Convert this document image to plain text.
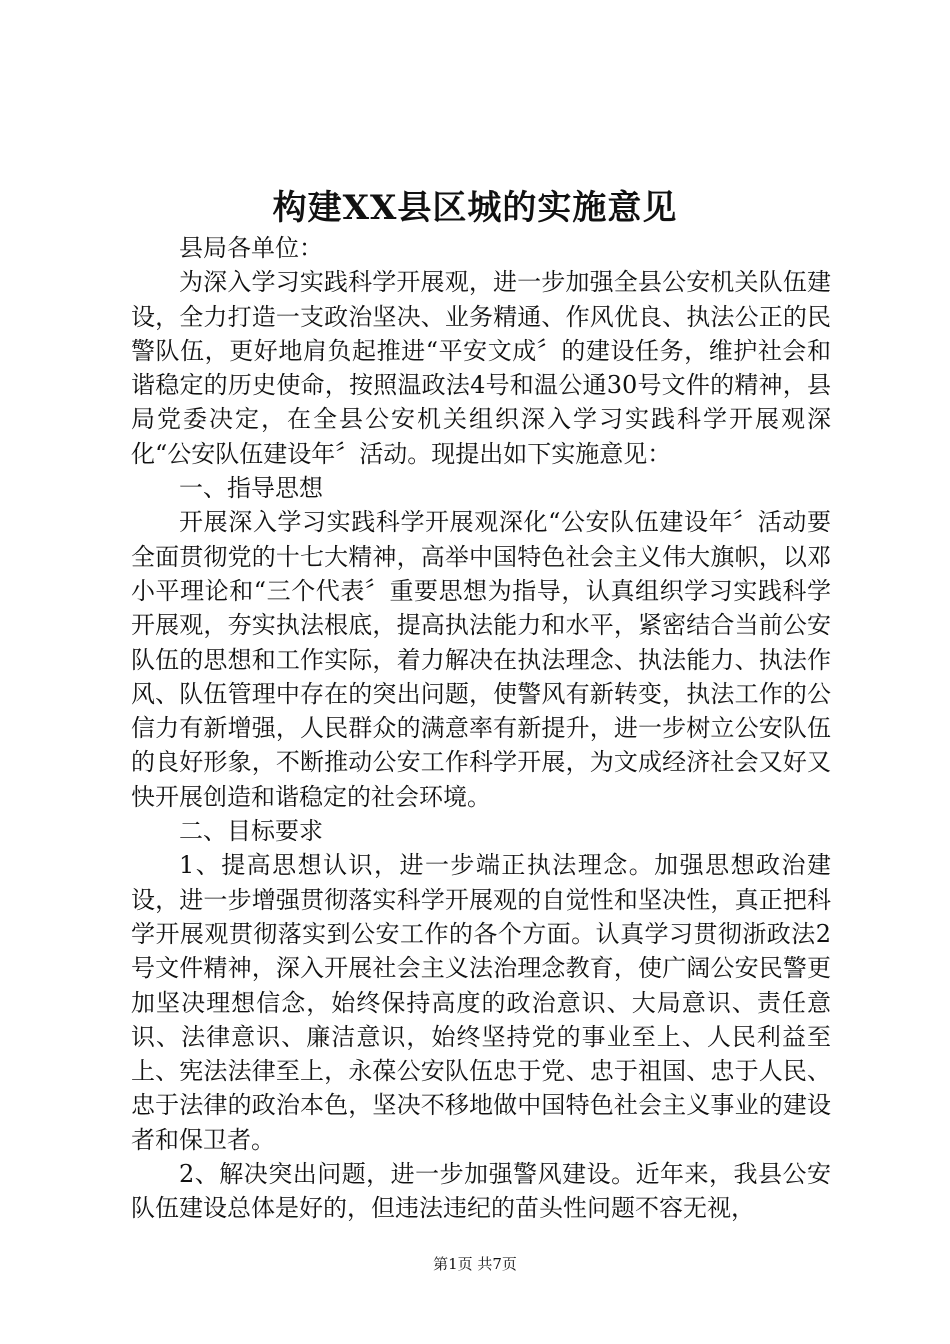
构建XX县区城的实施意见

县局各单位：

为深入学习实践科学开展观，进一步加强全县公安机关队伍建设，全力打造一支政治坚决、业务精通、作风优良、执法公正的民警队伍，更好地肩负起推进“平安文成〞的建设任务，维护社会和谐稳定的历史使命，按照温政法4号和温公通30号文件的精神，县局党委决定，在全县公安机关组织深入学习实践科学开展观深化“公安队伍建设年〞活动。现提出如下实施意见：

一、指导思想

开展深入学习实践科学开展观深化“公安队伍建设年〞活动要全面贯彻党的十七大精神，高举中国特色社会主义伟大旗帜，以邓小平理论和“三个代表〞重要思想为指导，认真组织学习实践科学开展观，夯实执法根底，提高执法能力和水平，紧密结合当前公安队伍的思想和工作实际，着力解决在执法理念、执法能力、执法作风、队伍管理中存在的突出问题，使警风有新转变，执法工作的公信力有新增强，人民群众的满意率有新提升，进一步树立公安队伍的良好形象，不断推动公安工作科学开展，为文成经济社会又好又快开展创造和谐稳定的社会环境。

二、目标要求

1、提高思想认识，进一步端正执法理念。加强思想政治建设，进一步增强贯彻落实科学开展观的自觉性和坚决性，真正把科学开展观贯彻落实到公安工作的各个方面。认真学习贯彻浙政法2号文件精神，深入开展社会主义法治理念教育，使广阔公安民警更加坚决理想信念，始终保持高度的政治意识、大局意识、责任意识、法律意识、廉洁意识，始终坚持党的事业至上、人民利益至上、宪法法律至上，永葆公安队伍忠于党、忠于祖国、忠于人民、忠于法律的政治本色，坚决不移地做中国特色社会主义事业的建设者和保卫者。

2、解决突出问题，进一步加强警风建设。近年来，我县公安队伍建设总体是好的，但违法违纪的苗头性问题不容无视，

第1页 共7页
